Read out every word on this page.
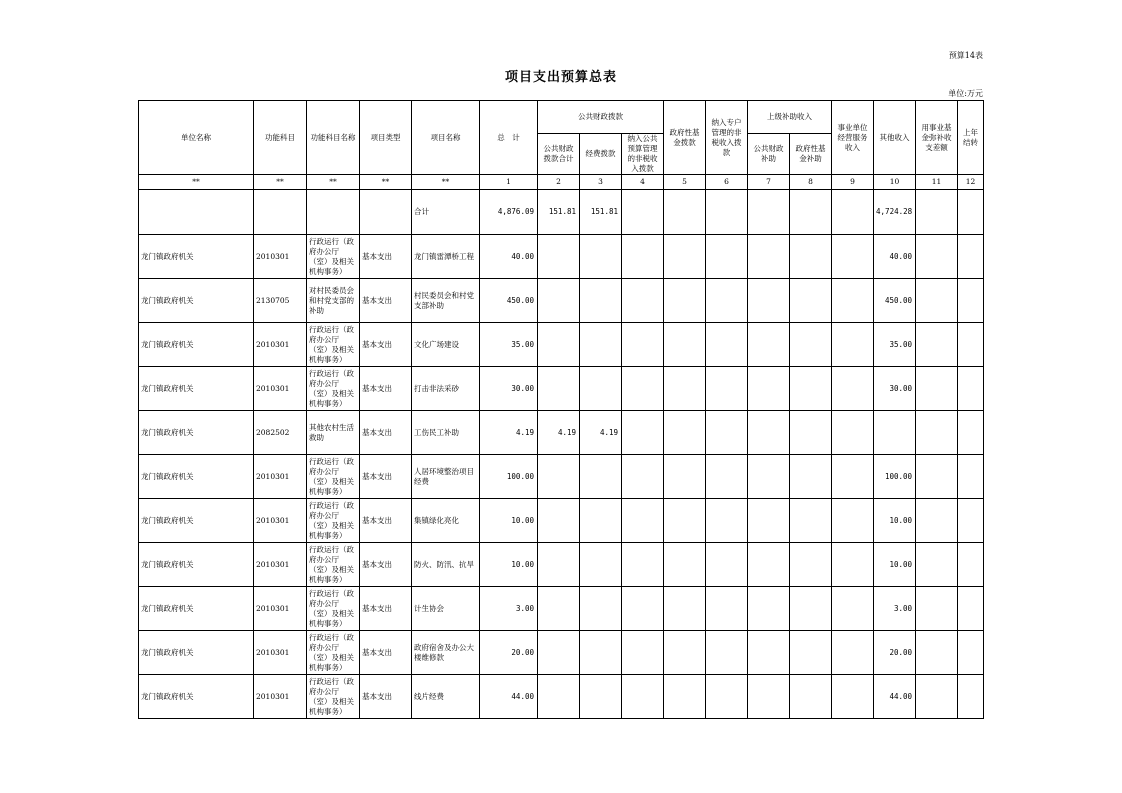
预算14表
项目支出预算总表
单位:万元
单位名称	功能科目	功能科目名称	项目类型	项目名称	总　计	公共财政拨款			政府性基金拨款	纳入专户管理的非税收入拨款	上级补助收入		事业单位经营服务收入	其他收入	用事业基金弥补收支差额	上年结转
						公共财政拨款合计	经费拨款	纳入公共预算管理的非税收入拨款			公共财政补助	政府性基金补助				
**	**	**	**	**	1	2	3	4	5	6	7	8	9	10	11	12
				合计	4,876.09	151.81	151.81							4,724.28		
龙门镇政府机关	2010301	行政运行（政府办公厅（室）及相关机构事务）	基本支出	龙门镇雷潭桥工程	40.00									40.00		
龙门镇政府机关	2130705	对村民委员会和村党支部的补助	基本支出	村民委员会和村党支部补助	450.00									450.00		
龙门镇政府机关	2010301	行政运行（政府办公厅（室）及相关机构事务）	基本支出	文化广场建设	35.00									35.00		
龙门镇政府机关	2010301	行政运行（政府办公厅（室）及相关机构事务）	基本支出	打击非法采砂	30.00									30.00		
龙门镇政府机关	2082502	其他农村生活救助	基本支出	工伤民工补助	4.19	4.19	4.19									
龙门镇政府机关	2010301	行政运行（政府办公厅（室）及相关机构事务）	基本支出	人居环境整治项目经费	100.00									100.00		
龙门镇政府机关	2010301	行政运行（政府办公厅（室）及相关机构事务）	基本支出	集镇绿化亮化	10.00									10.00		
龙门镇政府机关	2010301	行政运行（政府办公厅（室）及相关机构事务）	基本支出	防火、防汛、抗旱	10.00									10.00		
龙门镇政府机关	2010301	行政运行（政府办公厅（室）及相关机构事务）	基本支出	计生协会	3.00									3.00		
龙门镇政府机关	2010301	行政运行（政府办公厅（室）及相关机构事务）	基本支出	政府宿舍及办公大楼维修款	20.00									20.00		
龙门镇政府机关	2010301	行政运行（政府办公厅（室）及相关机构事务）	基本支出	线片经费	44.00									44.00		
